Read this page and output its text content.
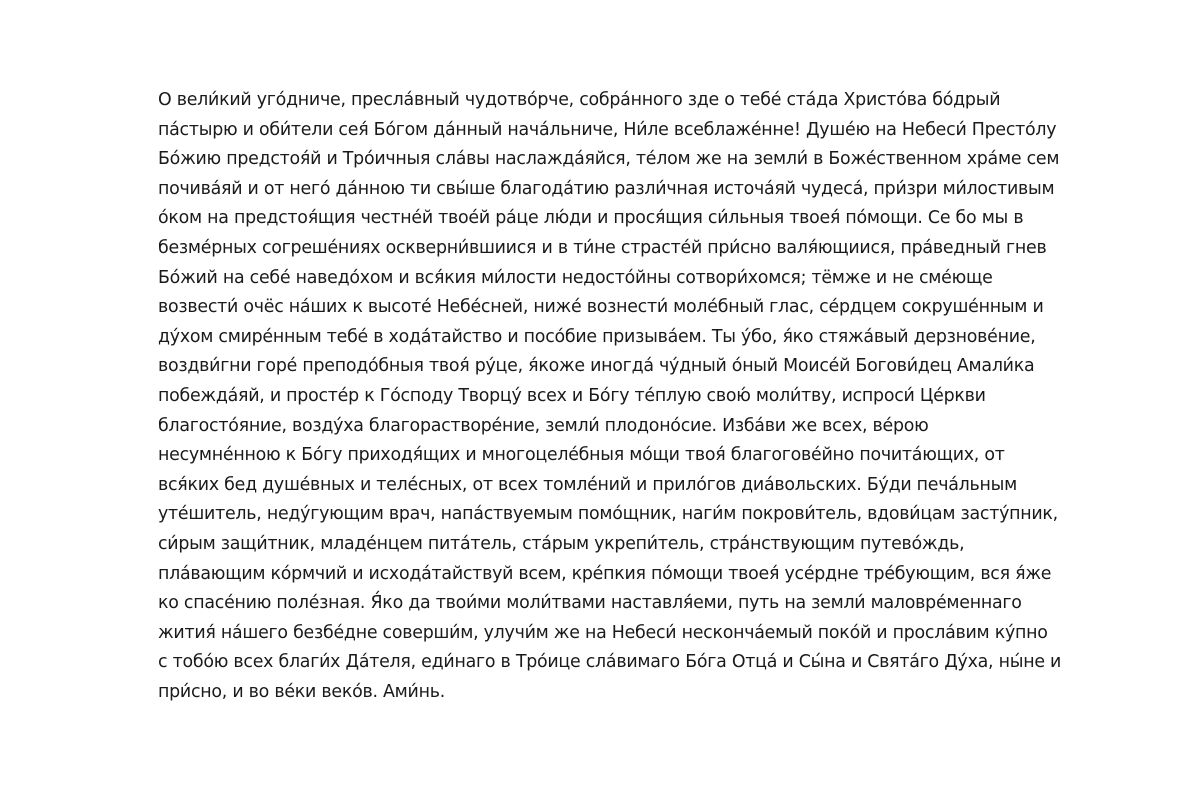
О вели́кий уго́дниче, пресла́вный чудотво́рче, собра́нного зде о тебе́ ста́да Христо́ва бо́дрый
па́стырю и оби́тели сея́ Бо́гом да́нный нача́льниче, Ни́ле всеблаже́нне! Душе́ю на Небеси́ Престо́лу
Бо́жию предстоя́й и Тро́ичныя сла́вы наслажда́яйся, те́лом же на земли́ в Боже́ственном хра́ме сем
почива́яй и от него́ да́нною ти свы́ше благода́тию разли́чная источа́яй чудеса́, при́зри ми́лостивым
о́ком на предстоя́щия честне́й твое́й ра́це лю́ди и прося́щия си́льныя твоея́ по́мощи. Се бо мы в
безме́рных согреше́ниях оскверни́вшиися и в ти́не страсте́й при́сно валя́ющиися, пра́ведный гнев
Бо́жий на себе́ наведо́хом и вся́кия ми́лости недосто́йны сотвори́хомся; тёмже и не сме́юще
возвести́ очёс на́ших к высоте́ Небе́сней, ниже́ вознести́ моле́бный глас, се́рдцем сокруше́нным и
ду́хом смире́нным тебе́ в хода́тайство и посо́бие призыва́ем. Ты у́бо, я́ко стяжа́вый дерзнове́ние,
воздви́гни горе́ преподо́бныя твоя́ ру́це, я́коже иногда́ чу́дный о́ный Моисе́й Богови́дец Амали́ка
побежда́яй, и просте́р к Го́споду Творцу́ всех и Бо́гу те́плую свою́ моли́тву, испроси́ Це́ркви
благосто́яние, возду́ха благорастворе́ние, земли́ плодоно́сие. Изба́ви же всех, ве́рою
несумне́нною к Бо́гу приходя́щих и многоцеле́бныя мо́щи твоя́ благогове́йно почита́ющих, от
вся́ких бед душе́вных и теле́сных, от всех томле́ний и прило́гов диа́вольских. Бу́ди печа́льным
уте́шитель, неду́гующим врач, напа́ствуемым помо́щник, наги́м покрови́тель, вдови́цам засту́пник,
си́рым защи́тник, младе́нцем пита́тель, ста́рым укрепи́тель, стра́нствующим путево́ждь,
пла́вающим ко́рмчий и исхода́тайствуй всем, кре́пкия по́мощи твоея́ усе́рдне тре́бующим, вся я́же
ко спасе́нию поле́зная. Я́ко да твои́ми моли́твами наставля́еми, путь на земли́ маловре́меннаго
жития́ на́шего безбе́дне соверши́м, улучи́м же на Небеси́ несконча́емый поко́й и просла́вим ку́пно
с тобо́ю всех благи́х Да́теля, еди́наго в Тро́ице сла́вимаго Бо́га Отца́ и Сы́на и Свята́го Ду́ха, ны́не и
при́сно, и во ве́ки веко́в. Ами́нь.
